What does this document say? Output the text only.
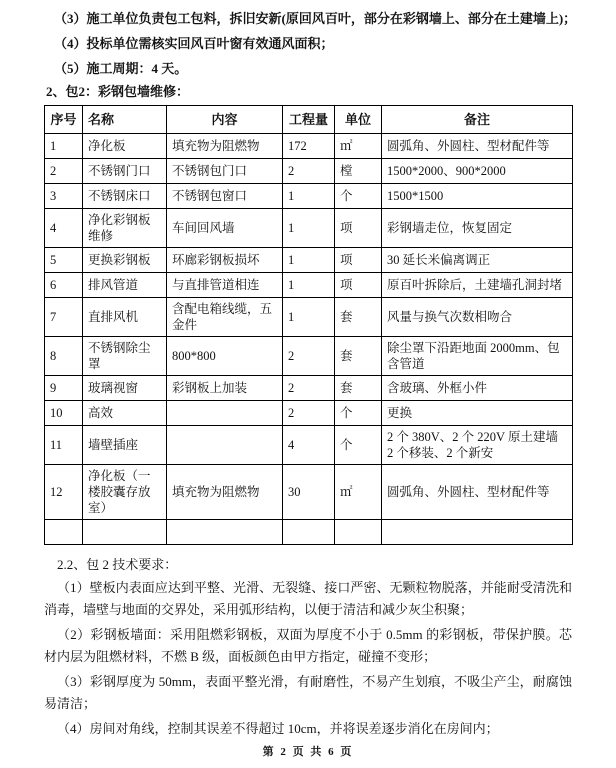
（3）施工单位负责包工包料，拆旧安新(原回风百叶，部分在彩钢墙上、部分在土建墙上)；

（4）投标单位需核实回风百叶窗有效通风面积；

（5）施工周期：4 天。

2、包2：彩钢包墙维修：

序号	名称	内容	工程量	单位	备注
1	净化板	填充物为阻燃物	172	㎡	圆弧角、外圆柱、型材配件等
2	不锈钢门口	不锈钢包门口	2	樘	1500*2000、900*2000
3	不锈钢床口	不锈钢包窗口	1	个	1500*1500
4	净化彩钢板维修	车间回风墙	1	项	彩钢墙走位，恢复固定
5	更换彩钢板	环廊彩钢板损坏	1	项	30 延长米偏离调正
6	排风管道	与直排管道相连	1	项	原百叶拆除后，土建墙孔洞封堵
7	直排风机	含配电箱线缆，五金件	1	套	风量与换气次数相吻合
8	不锈钢除尘罩	800*800	2	套	除尘罩下沿距地面 2000mm、包含管道
9	玻璃视窗	彩钢板上加装	2	套	含玻璃、外框小件
10	高效		2	个	更换
11	墙壁插座		4	个	2 个 380V、2 个 220V 原土建墙 2 个移装、2 个新安
12	净化板（一楼胶囊存放室）	填充物为阻燃物	30	㎡	圆弧角、外圆柱、型材配件等

2.2、包 2 技术要求：

（1）壁板内表面应达到平整、光滑、无裂缝、接口严密、无颗粒物脱落，并能耐受清洗和消毒，墙壁与地面的交界处，采用弧形结构，以便于清洁和减少灰尘积聚；

（2）彩钢板墙面：采用阻燃彩钢板，双面为厚度不小于 0.5mm 的彩钢板，带保护膜。芯材内层为阻燃材料，不燃 B 级，面板颜色由甲方指定，碰撞不变形；

（3）彩钢厚度为 50mm，表面平整光滑，有耐磨性，不易产生划痕，不吸尘产尘，耐腐蚀易清洁；

（4）房间对角线，控制其误差不得超过 10cm，并将误差逐步消化在房间内；

第 2 页 共 6 页
